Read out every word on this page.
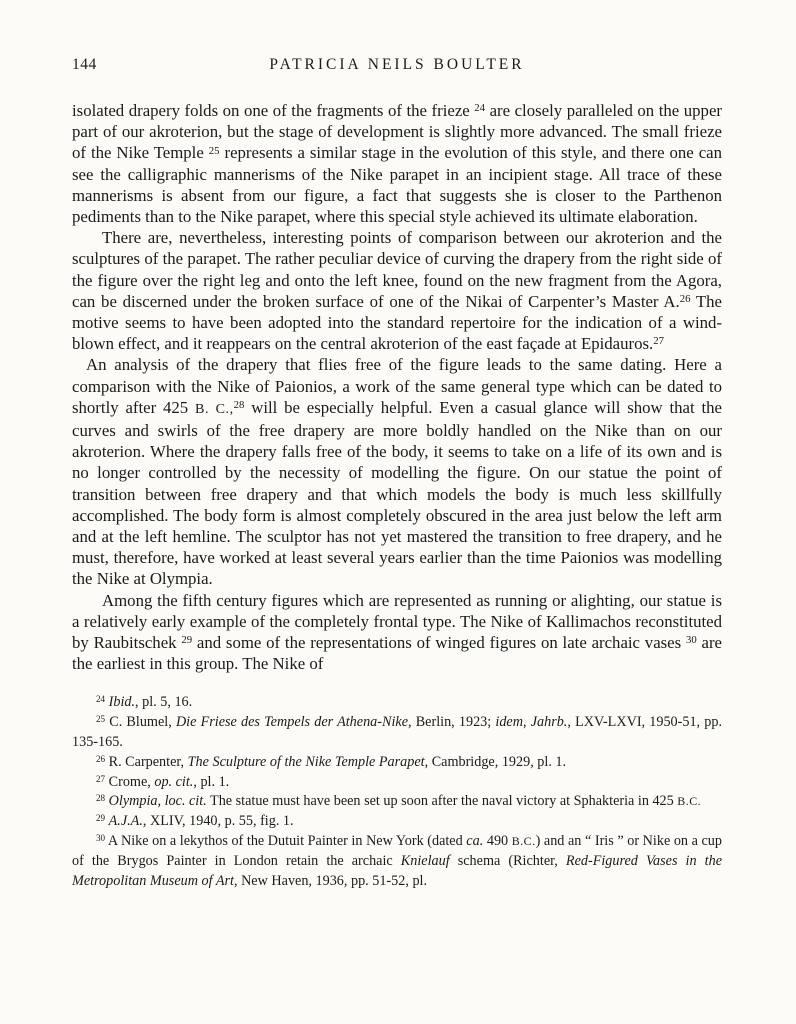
144	PATRICIA NEILS BOULTER

isolated drapery folds on one of the fragments of the frieze $^{24}$ are closely paralleled on the upper part of our akroterion, but the stage of development is slightly more advanced. The small frieze of the Nike Temple $^{25}$ represents a similar stage in the evolution of this style, and there one can see the calligraphic mannerisms of the Nike parapet in an incipient stage. All trace of these mannerisms is absent from our figure, a fact that suggests she is closer to the Parthenon pediments than to the Nike parapet, where this special style achieved its ultimate elaboration.

There are, nevertheless, interesting points of comparison between our akroterion and the sculptures of the parapet. The rather peculiar device of curving the drapery from the right side of the figure over the right leg and onto the left knee, found on the new fragment from the Agora, can be discerned under the broken surface of one of the Nikai of Carpenter’s Master A.$^{26}$ The motive seems to have been adopted into the standard repertoire for the indication of a wind-blown effect, and it reappears on the central akroterion of the east façade at Epidauros.$^{27}$

An analysis of the drapery that flies free of the figure leads to the same dating. Here a comparison with the Nike of Paionios, a work of the same general type which can be dated to shortly after 425 B. C.,$^{28}$ will be especially helpful. Even a casual glance will show that the curves and swirls of the free drapery are more boldly handled on the Nike than on our akroterion. Where the drapery falls free of the body, it seems to take on a life of its own and is no longer controlled by the necessity of modelling the figure. On our statue the point of transition between free drapery and that which models the body is much less skillfully accomplished. The body form is almost completely obscured in the area just below the left arm and at the left hemline. The sculptor has not yet mastered the transition to free drapery, and he must, therefore, have worked at least several years earlier than the time Paionios was modelling the Nike at Olympia.

Among the fifth century figures which are represented as running or alighting, our statue is a relatively early example of the completely frontal type. The Nike of Kallimachos reconstituted by Raubitschek $^{29}$ and some of the representations of winged figures on late archaic vases $^{30}$ are the earliest in this group. The Nike of

$^{24}$ Ibid., pl. 5, 16.

$^{25}$ C. Blumel, Die Friese des Tempels der Athena-Nike, Berlin, 1923; idem, Jahrb., LXV-LXVI, 1950-51, pp. 135-165.

$^{26}$ R. Carpenter, The Sculpture of the Nike Temple Parapet, Cambridge, 1929, pl. 1.

$^{27}$ Crome, op. cit., pl. 1.

$^{28}$ Olympia, loc. cit. The statue must have been set up soon after the naval victory at Sphakteria in 425 B.C.

$^{29}$ A.J.A., XLIV, 1940, p. 55, fig. 1.

$^{30}$ A Nike on a lekythos of the Dutuit Painter in New York (dated ca. 490 B.C.) and an “ Iris ” or Nike on a cup of the Brygos Painter in London retain the archaic Knielauf schema (Richter, Red-Figured Vases in the Metropolitan Museum of Art, New Haven, 1936, pp. 51-52, pl.
